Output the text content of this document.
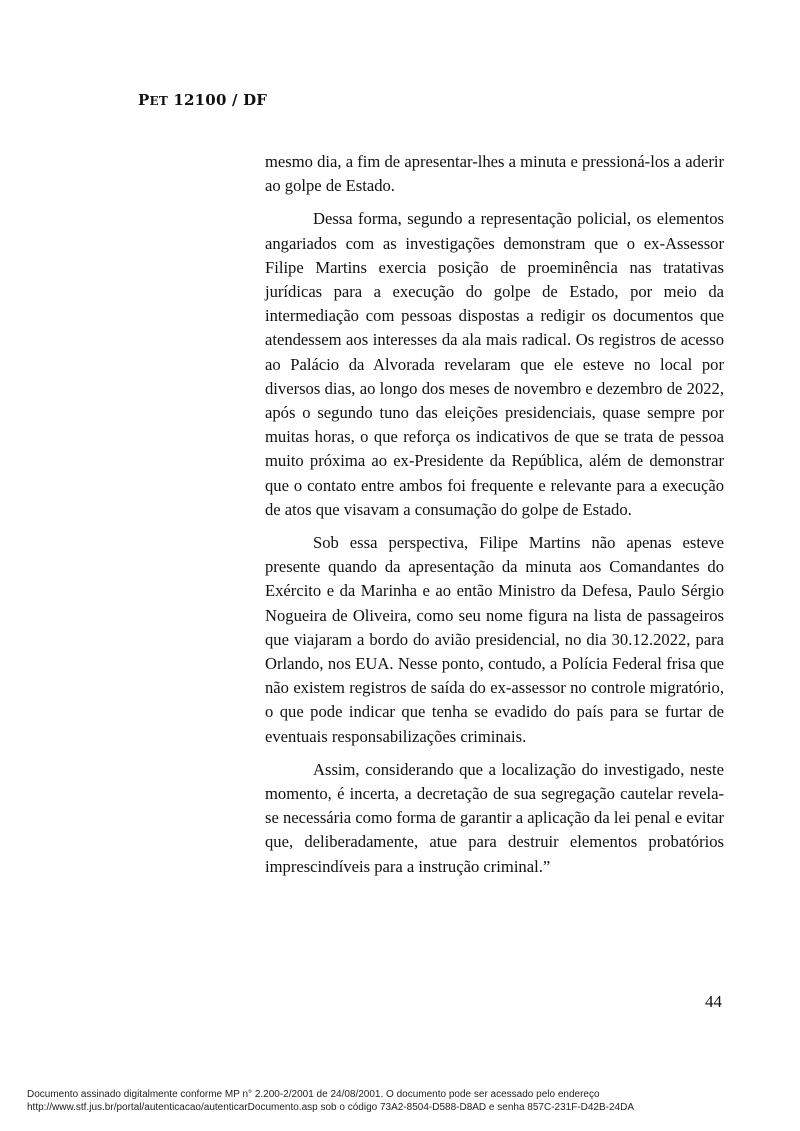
PET 12100 / DF

mesmo dia, a fim de apresentar-lhes a minuta e pressioná-los a aderir ao golpe de Estado.

Dessa forma, segundo a representação policial, os elementos angariados com as investigações demonstram que o ex-Assessor Filipe Martins exercia posição de proeminência nas tratativas jurídicas para a execução do golpe de Estado, por meio da intermediação com pessoas dispostas a redigir os documentos que atendessem aos interesses da ala mais radical. Os registros de acesso ao Palácio da Alvorada revelaram que ele esteve no local por diversos dias, ao longo dos meses de novembro e dezembro de 2022, após o segundo tuno das eleições presidenciais, quase sempre por muitas horas, o que reforça os indicativos de que se trata de pessoa muito próxima ao ex-Presidente da República, além de demonstrar que o contato entre ambos foi frequente e relevante para a execução de atos que visavam a consumação do golpe de Estado.

Sob essa perspectiva, Filipe Martins não apenas esteve presente quando da apresentação da minuta aos Comandantes do Exército e da Marinha e ao então Ministro da Defesa, Paulo Sérgio Nogueira de Oliveira, como seu nome figura na lista de passageiros que viajaram a bordo do avião presidencial, no dia 30.12.2022, para Orlando, nos EUA. Nesse ponto, contudo, a Polícia Federal frisa que não existem registros de saída do ex-assessor no controle migratório, o que pode indicar que tenha se evadido do país para se furtar de eventuais responsabilizações criminais.

Assim, considerando que a localização do investigado, neste momento, é incerta, a decretação de sua segregação cautelar revela-se necessária como forma de garantir a aplicação da lei penal e evitar que, deliberadamente, atue para destruir elementos probatórios imprescindíveis para a instrução criminal.”

44
Documento assinado digitalmente conforme MP n° 2.200-2/2001 de 24/08/2001. O documento pode ser acessado pelo endereço
http://www.stf.jus.br/portal/autenticacao/autenticarDocumento.asp sob o código 73A2-8504-D588-D8AD e senha 857C-231F-D42B-24DA
